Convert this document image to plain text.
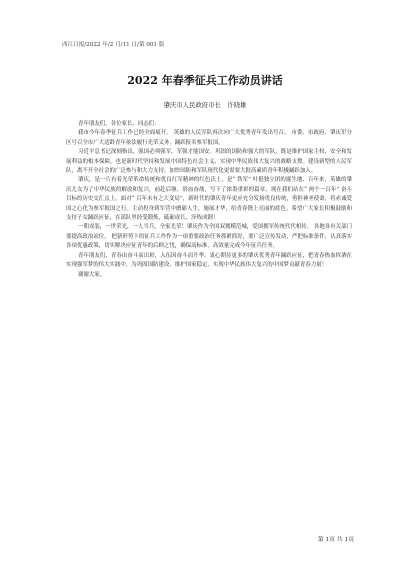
西江日报/2022 年/2 月/11 日/第 001 版
2022 年春季征兵工作动员讲话
肇庆市人民政府市长　许晓雄

青年朋友们，各位家长，同志们：

我市今年春季征兵工作已经全面展开。 英雄的人民军队再次向广大优秀青年发出号召。 市委、市政府、肇庆军分区号召全市广大适龄青年依法履行光荣义务，踊跃报名参军报国。

习近平总书记深刻指出，强国必须强军，军强才能国安。巩固的国防和强大的军队，既是维护国家主权、安全和发展利益的根本保障，也是新时代坚持和发展中国特色社会主义、实现中华民族伟大复兴的战略支撑。建设新型的人民军队，离不开全社会的广泛参与和大力支持。加快国防和军队现代化更需要大批高素质青年积极踊跃加入。

肇庆，是一片有着光荣革命传统和优良红军精神的红色沃土，是“ 铁军” 叶挺独立团的诞生地、百年来，英雄的肇庆儿女为了中华民族的解放和复兴，前赴后继、浴血奋战，写下了浓墨重彩的篇章。现在我们站在“ 两个一百年” 奋斗目标的历史交汇点上，面对“ 百年未有之大变局”，新时代的肇庆青年更应充分发扬优良传统，勇担神圣使命，将赤诚爱国之心化为参军报国之行。主动投身到军营中磨砺人生，施展才华，给青春镌上亮丽的底色。希望广大家长积极鼓励和支持子女踊跃应征，在部队里经受锻炼，砥砺成长、淬炼成钢！

一朝戎装，一世荣光，一人当兵，全家光荣！肇庆作为全国双拥模范城，爱国拥军传统代代相传。 各地各有关部门要提高政治站位， 把新形势下的征兵工作作为一项重要政治任务抓紧抓好，要广泛宣传发动、严把标准条件，认真落实各项优惠政策，切实解决应征青年的后顾之忧，确保高标准、高效量完成今年征兵任务。

青年朋友们，青春由奋斗而出彩，入伍因奋斗而升华。衷心期待更多的肇庆优秀青年踊跃应征，把青春热血挥洒在实现强军梦的伟大实践中，为巩固国防建设、维护国家稳定、实现中华民族伟大复兴的中国梦贡献青春力量！

谢谢大家。

第 1页 共 1页
